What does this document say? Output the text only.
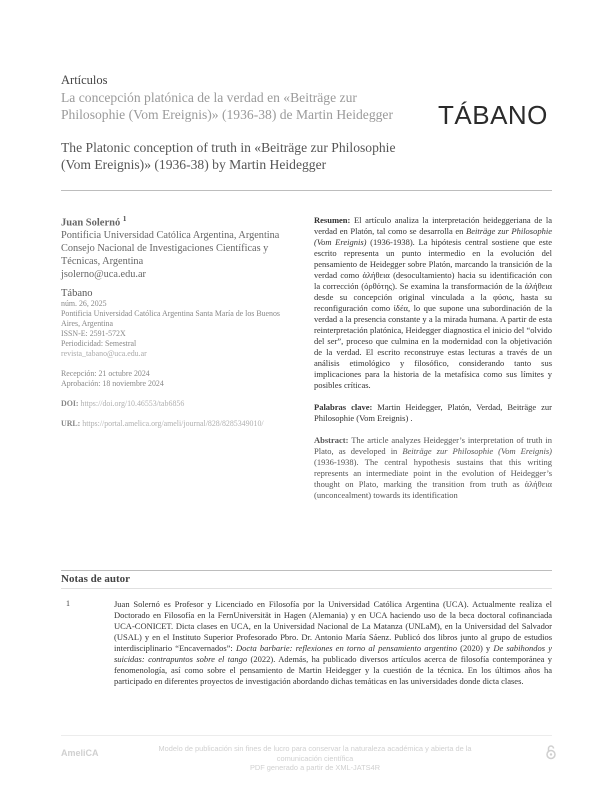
Artículos
La concepción platónica de la verdad en «Beiträge zur Philosophie (Vom Ereignis)» (1936-38) de Martin Heidegger	TÁBANO
The Platonic conception of truth in «Beiträge zur Philosophie (Vom Ereignis)» (1936-38) by Martin Heidegger
Juan Solernó $^1$
Pontificia Universidad Católica Argentina, Argentina
Consejo Nacional de Investigaciones Científicas y Técnicas, Argentina
jsolerno@uca.edu.ar
Tábano
núm. 26, 2025
Pontificia Universidad Católica Argentina Santa María de los Buenos Aires, Argentina
ISSN-E: 2591-572X
Periodicidad: Semestral
revista_tabano@uca.edu.ar
Recepción: 21 octubre 2024
Aprobación: 18 noviembre 2024
DOI: https://doi.org/10.46553/tab6856
URL: https://portal.amelica.org/ameli/journal/828/8285349010/

Resumen: El artículo analiza la interpretación heideggeriana de la verdad en Platón, tal como se desarrolla en Beiträge zur Philosophie (Vom Ereignis) (1936-1938). La hipótesis central sostiene que este escrito representa un punto intermedio en la evolución del pensamiento de Heidegger sobre Platón, marcando la transición de la verdad como ἀλήθεια (desocultamiento) hacia su identificación con la corrección (ὀρθότης). Se examina la transformación de la ἀλήθεια desde su concepción original vinculada a la φύσις, hasta su reconfiguración como ἰδέα, lo que supone una subordinación de la verdad a la presencia constante y a la mirada humana. A partir de esta reinterpretación platónica, Heidegger diagnostica el inicio del “olvido del ser”, proceso que culmina en la modernidad con la objetivación de la verdad. El escrito reconstruye estas lecturas a través de un análisis etimológico y filosófico, considerando tanto sus implicaciones para la historia de la metafísica como sus límites y posibles críticas.

Palabras clave: Martin Heidegger, Platón, Verdad, Beiträge zur Philosophie (Vom Ereignis) .

Abstract: The article analyzes Heidegger’s interpretation of truth in Plato, as developed in Beiträge zur Philosophie (Vom Ereignis) (1936-1938). The central hypothesis sustains that this writing represents an intermediate point in the evolution of Heidegger’s thought on Plato, marking the transition from truth as ἀλήθεια (unconcealment) towards its identification

Notas de autor
1	Juan Solernó es Profesor y Licenciado en Filosofía por la Universidad Católica Argentina (UCA). Actualmente realiza el Doctorado en Filosofía en la FernUniversität in Hagen (Alemania) y en UCA haciendo uso de la beca doctoral cofinanciada UCA-CONICET. Dicta clases en UCA, en la Universidad Nacional de La Matanza (UNLaM), en la Universidad del Salvador (USAL) y en el Instituto Superior Profesorado Pbro. Dr. Antonio María Sáenz. Publicó dos libros junto al grupo de estudios interdisciplinario “Encavernados”: Docta barbarie: reflexiones en torno al pensamiento argentino (2020) y De sabihondos y suicidas: contrapuntos sobre el tango (2022). Además, ha publicado diversos artículos acerca de filosofía contemporánea y fenomenología, así como sobre el pensamiento de Martin Heidegger y la cuestión de la técnica. En los últimos años ha participado en diferentes proyectos de investigación abordando dichas temáticas en las universidades donde dicta clases.
AmeliCA	Modelo de publicación sin fines de lucro para conservar la naturaleza académica y abierta de la comunicación científica
PDF generado a partir de XML-JATS4R
